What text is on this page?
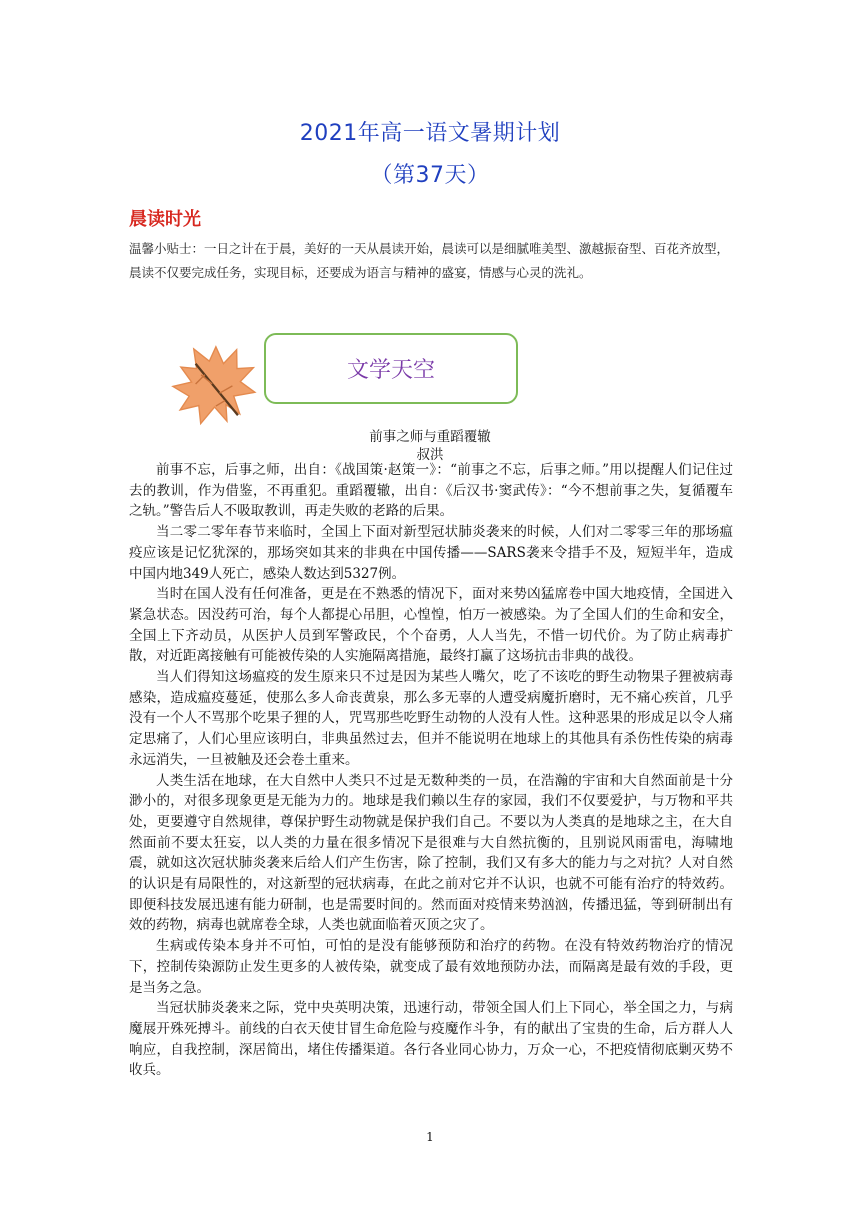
2021年高一语文暑期计划
（第37天）
晨读时光
温馨小贴士：一日之计在于晨，美好的一天从晨读开始，晨读可以是细腻唯美型、激越振奋型、百花齐放型，晨读不仅要完成任务，实现目标，还要成为语言与精神的盛宴，情感与心灵的洗礼。
文学天空
前事之师与重蹈覆辙
叔洪

前事不忘，后事之师，出自：《战国策·赵策一》：“前事之不忘，后事之师。”用以提醒人们记住过去的教训，作为借鉴，不再重犯。重蹈覆辙，出自：《后汉书·窦武传》：“今不想前事之失，复循覆车之轨。”警告后人不吸取教训，再走失败的老路的后果。

当二零二零年春节来临时，全国上下面对新型冠状肺炎袭来的时候，人们对二零零三年的那场瘟疫应该是记忆犹深的，那场突如其来的非典在中国传播——SARS袭来令措手不及，短短半年，造成中国内地349人死亡，感染人数达到5327例。

当时在国人没有任何准备，更是在不熟悉的情况下，面对来势凶猛席卷中国大地疫情，全国进入紧急状态。因没药可治，每个人都提心吊胆，心惶惶，怕万一被感染。为了全国人们的生命和安全，全国上下齐动员，从医护人员到军警政民，个个奋勇，人人当先，不惜一切代价。为了防止病毒扩散，对近距离接触有可能被传染的人实施隔离措施，最终打赢了这场抗击非典的战役。

当人们得知这场瘟疫的发生原来只不过是因为某些人嘴欠，吃了不该吃的野生动物果子狸被病毒感染，造成瘟疫蔓延，使那么多人命丧黄泉，那么多无辜的人遭受病魔折磨时，无不痛心疾首，几乎没有一个人不骂那个吃果子狸的人，咒骂那些吃野生动物的人没有人性。这种恶果的形成足以令人痛定思痛了，人们心里应该明白，非典虽然过去，但并不能说明在地球上的其他具有杀伤性传染的病毒永远消失，一旦被触及还会卷土重来。

人类生活在地球，在大自然中人类只不过是无数种类的一员，在浩瀚的宇宙和大自然面前是十分渺小的，对很多现象更是无能为力的。地球是我们赖以生存的家园，我们不仅要爱护，与万物和平共处，更要遵守自然规律，尊保护野生动物就是保护我们自己。不要以为人类真的是地球之主，在大自然面前不要太狂妄，以人类的力量在很多情况下是很难与大自然抗衡的，且别说风雨雷电，海啸地震，就如这次冠状肺炎袭来后给人们产生伤害，除了控制，我们又有多大的能力与之对抗？人对自然的认识是有局限性的，对这新型的冠状病毒，在此之前对它并不认识，也就不可能有治疗的特效药。即便科技发展迅速有能力研制，也是需要时间的。然而面对疫情来势汹汹，传播迅猛，等到研制出有效的药物，病毒也就席卷全球，人类也就面临着灭顶之灾了。

生病或传染本身并不可怕，可怕的是没有能够预防和治疗的药物。在没有特效药物治疗的情况下，控制传染源防止发生更多的人被传染，就变成了最有效地预防办法，而隔离是最有效的手段，更是当务之急。

当冠状肺炎袭来之际，党中央英明决策，迅速行动，带领全国人们上下同心，举全国之力，与病魔展开殊死搏斗。前线的白衣天使甘冒生命危险与疫魔作斗争，有的献出了宝贵的生命，后方群人人响应，自我控制，深居简出，堵住传播渠道。各行各业同心协力，万众一心，不把疫情彻底剿灭势不收兵。

1
